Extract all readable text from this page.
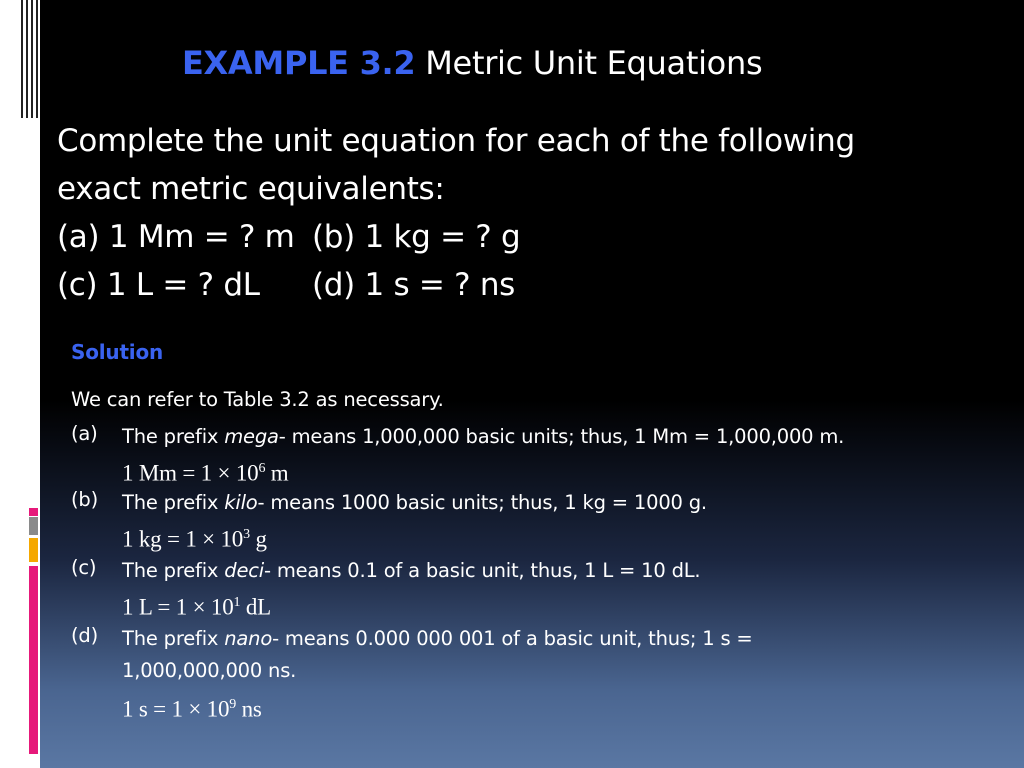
EXAMPLE 3.2 Metric Unit Equations
Complete the unit equation for each of the following
exact metric equivalents:
(a) 1 Mm = ? m (b) 1 kg = ? g
(c) 1 L = ? dL (d) 1 s = ? ns
Solution
We can refer to Table 3.2 as necessary.
(a) The prefix mega- means 1,000,000 basic units; thus, 1 Mm = 1,000,000 m.
1 $Mm = 1 \times 10^6$ m
(b) The prefix kilo- means 1000 basic units; thus, 1 kg = 1000 g.
1 kg = $1 \times 10^3$ g
(c) The prefix deci- means 0.1 of a basic unit, thus, 1 L = 10 dL.
1 $L = 1 \times 10^1$ dL
(d) The prefix nano- means 0.000 000 001 of a basic unit, thus; 1 s =
1,000,000,000 ns.
1 $s = 1 \times 10^9$ ns
